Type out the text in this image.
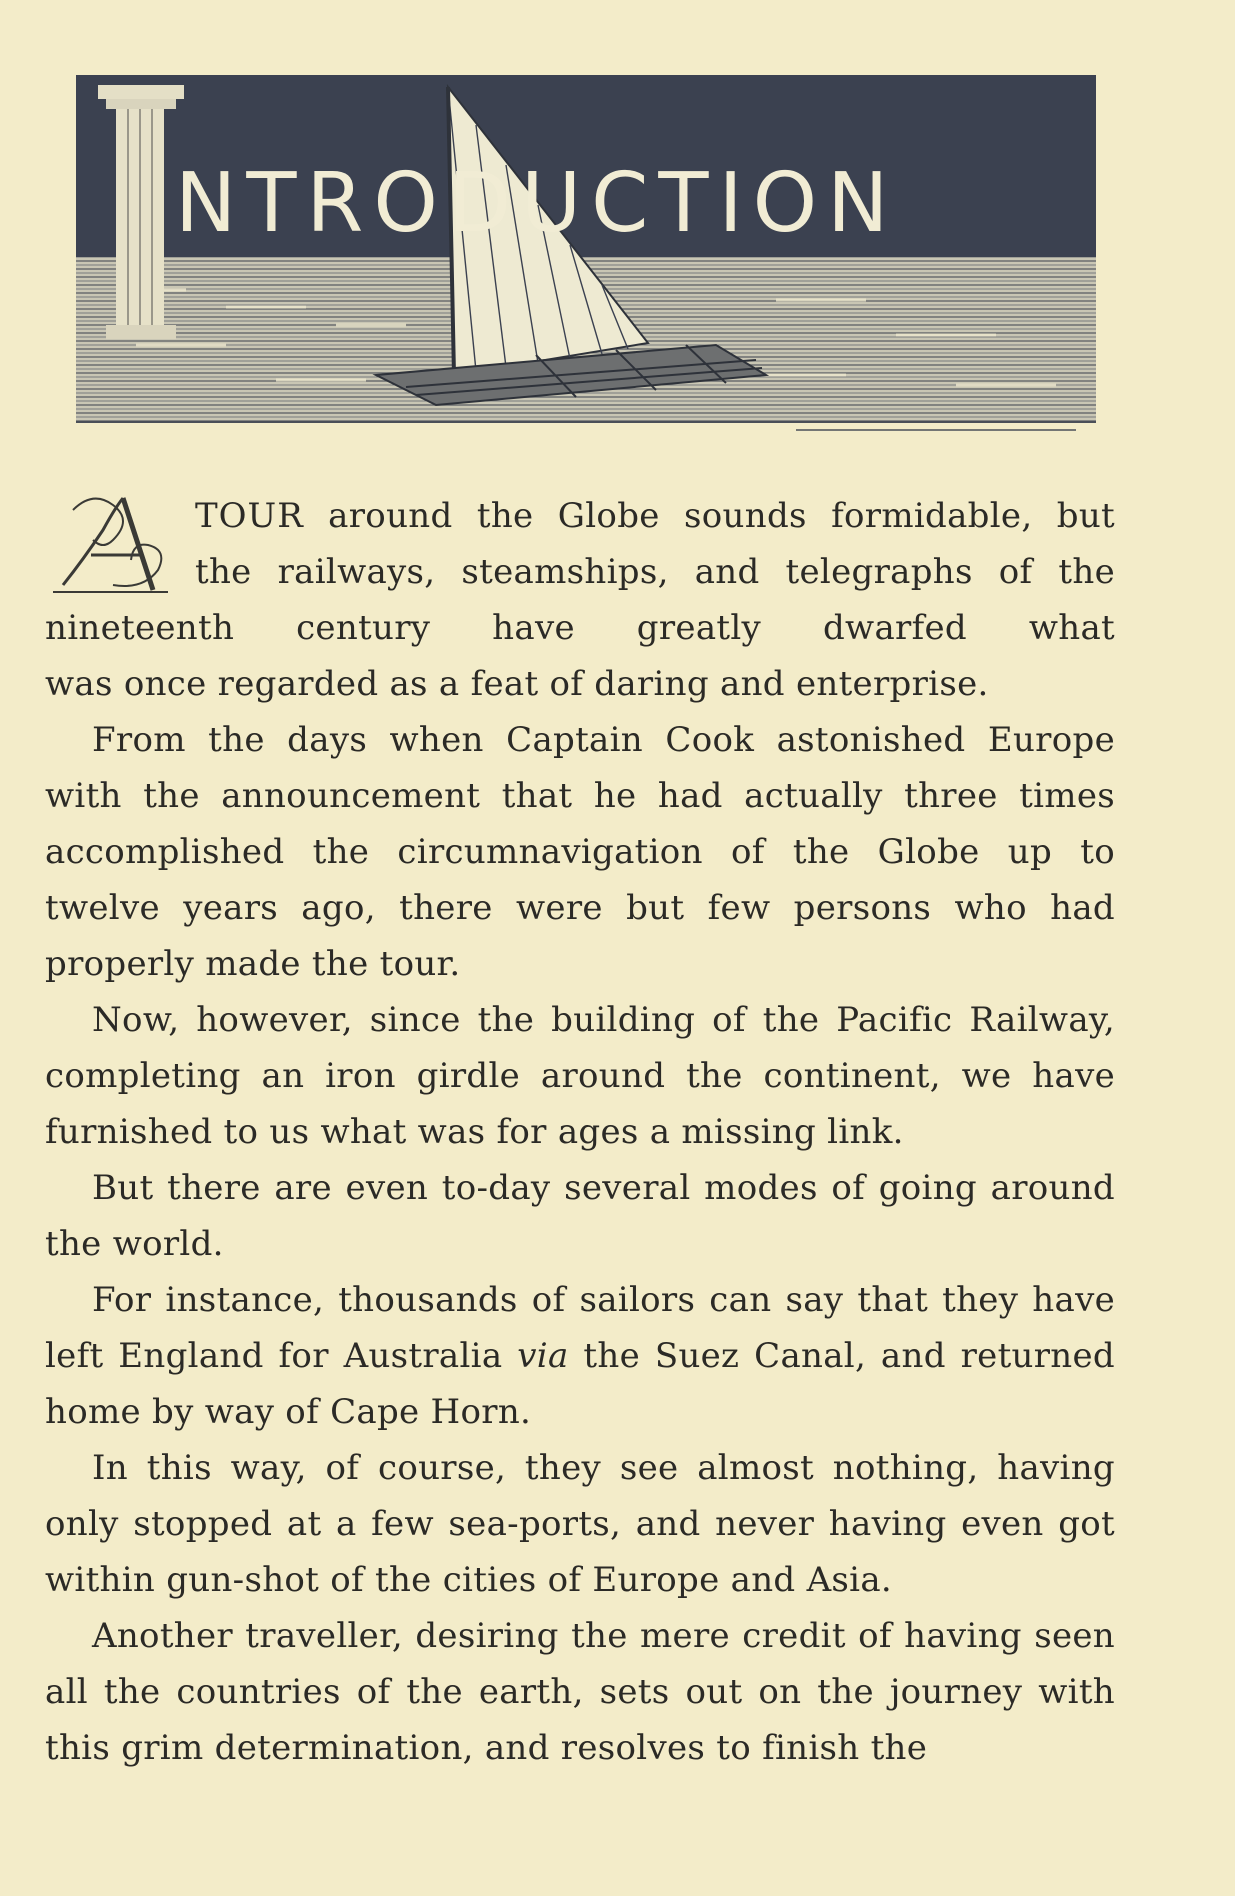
NTRODUCTION
TOUR around the Globe sounds formidable, but
the railways, steamships, and telegraphs of the
nineteenth century have greatly dwarfed what
was once regarded as a feat of daring and enterprise.

From the days when Captain Cook astonished Europe with the announcement that he had actually three times accomplished the circumnavigation of the Globe up to twelve years ago, there were but few persons who had properly made the tour.

Now, however, since the building of the Pacific Railway, completing an iron girdle around the continent, we have furnished to us what was for ages a missing link.

But there are even to-day several modes of going around the world.

For instance, thousands of sailors can say that they have left England for Australia via the Suez Canal, and returned home by way of Cape Horn.

In this way, of course, they see almost nothing, having only stopped at a few sea-ports, and never having even got within gun-shot of the cities of Europe and Asia.

Another traveller, desiring the mere credit of having seen all the countries of the earth, sets out on the journey with this grim determination, and resolves to finish the
